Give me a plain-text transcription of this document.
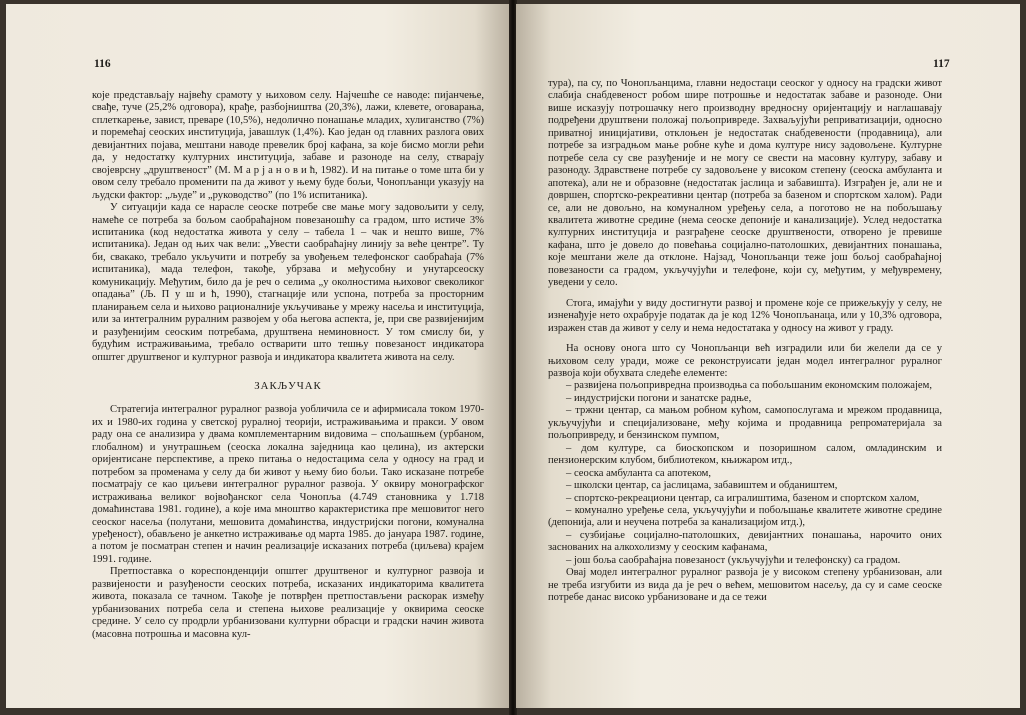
116

које представљају највећу срамоту у њиховом селу. Најчешће се наводе: пијанчење, свађе, туче (25,2% одговора), крађе, разбојништва (20,3%), лажи, клевете, оговарања, сплеткарење, завист, преваре (10,5%), недолично понашање младих, хулиганство (7%) и поремећај сеоских институција, јавашлук (1,4%). Као један од главних разлога ових девијантних појава, мештани наводе превелик број кафана, за које бисмо могли рећи да, у недостатку културних институција, забаве и разоноде на селу, стварају својеврсну „друштвеност” (М. М а р ј а н о в и ћ, 1982). И на питање о томе шта би у овом селу требало променити па да живот у њему буде бољи, Чонопљанци указују на људски фактор: „људе” и „руководство” (по 1% испитаника).

У ситуацији када се нарасле сеоске потребе све мање могу задовољити у селу, намеће се потреба за бољом саобраћајном повезаношћу са градом, што истиче 3% испитаника (код недостатка живота у селу – табела 1 – чак и нешто више, 7% испитаника). Један од њих чак вели: „Увести саобраћајну линију за веће центре”. Ту би, свакако, требало укључити и потребу за увођењем телефонског саобраћаја (7% испитаника), мада телефон, такође, убрзава и међусобну и унутарсеоску комуникацију. Међутим, било да је реч о селима „у околностима њиховог свеколиког опадања” (Љ. П у ш и ћ, 1990), стагнације или успона, потреба за просторним планирањем села и њихово рационалније укључивање у мрежу насеља и институција, или за интегралним руралним развојем у оба његова аспекта, је, при све развијенијим и разуђенијим сеоским потребама, друштвена неминовност. У том смислу би, у будућим истраживањима, требало остварити што тешњу повезаност индикатора општег друштвеног и културног развоја и индикатора квалитета живота на селу.

ЗАКЉУЧАК

Стратегија интегралног руралног развоја уобличила се и афирмисала током 1970-их и 1980-их година у светској руралној теорији, истраживањима и пракси. У овом раду она се анализира у двама комплементарним видовима – спољашњем (урбаном, глобалном) и унутрашњем (сеоска локална заједница као целина), из актерски оријентисане перспективе, а преко питања о недостацима села у односу на град и потребом за променама у селу да би живот у њему био бољи. Тако исказане потребе посматрају се као циљеви интегралног руралног развоја. У оквиру монографског истраживања великог војвођанског села Чонопља (4.749 становника у 1.718 домаћинстава 1981. године), а које има мноштво карактеристика пре мешовитог него сеоског насеља (полутани, мешовита домаћинства, индустријски погони, комунална уређеност), обављено је анкетно истраживање од марта 1985. до јануара 1987. године, а потом је посматран степен и начин реализације исказаних потреба (циљева) крајем 1991. године.

Претпоставка о кореспонденцији општег друштвеног и културног развоја и развијености и разуђености сеоских потреба, исказаних индикаторима квалитета живота, показала се тачном. Такође је потврђен претпостављени раскорак између урбанизованих потреба села и степена њихове реализације у оквирима сеоске средине. У село су продрли урбанизовани културни обрасци и градски начин живота (масовна потрошња и масовна кул-

117

тура), па су, по Чонопљанцима, главни недостаци сеоског у односу на градски живот слабија снабдевеност робом шире потрошње и недостатак забаве и разоноде. Они више исказују потрошачку него производну вредносну оријентацију и наглашавају подређени друштвени положај пољопривреде. Захваљујући реприватизацији, односно приватној иницијативи, отклоњен је недостатак снабдевености (продавница), али потребе за изградњом мање робне куће и дома културе нису задовољене. Културне потребе села су све разуђеније и не могу се свести на масовну културу, забаву и разоноду. Здравствене потребе су задовољене у високом степену (сеоска амбуланта и апотека), али не и образовне (недостатак јаслица и забавишта). Изграђен је, али не и довршен, спортско-рекреативни центар (потреба за базеном и спортском халом). Ради се, али не довољно, на комуналном уређењу села, а поготово не на побољшању квалитета животне средине (нема сеоске депоније и канализације). Услед недостатка културних институција и разграђене сеоске друштвености, отворено је превише кафана, што је довело до повећања социјално-патолошких, девијантних понашања, које мештани желе да отклоне. Најзад, Чонопљанци теже још бољој саобраћајној повезаности са градом, укључујући и телефоне, који су, међутим, у међувремену, уведени у село.

Стога, имајући у виду достигнути развој и промене које се прижељкују у селу, не изненађује нето охрабрује податак да је код 12% Чонопљанаца, или у 10,3% одговора, изражен став да живот у селу и нема недостатака у односу на живот у граду.

На основу онога што су Чонопљанци већ изградили или би желели да се у њиховом селу уради, може се реконструисати један модел интегралног руралног развоја који обухвата следеће елементе:

– развијена пољопривредна производња са побољшаним економским положајем,

– индустријски погони и занатске радње,

– тржни центар, са мањом робном кућом, самопослугама и мрежом продавница, укључујући и специјализоване, међу којима и продавница репроматеријала за пољопривреду, и бензинском пумпом,

– дом културе, са биоскопском и позоришном салом, омладинским и пензионерским клубом, библиотеком, књижаром итд.,

– сеоска амбуланта са апотеком,

– школски центар, са јаслицама, забавиштем и обдаништем,

– спортско-рекреациони центар, са игралиштима, базеном и спортском халом,

– комунално уређење села, укључујући и побољшање квалитете животне средине (депонија, али и неучена потреба за канализацијом итд.),

– сузбијање социјално-патолошких, девијантних понашања, нарочито оних заснованих на алкохолизму у сеоским кафанама,

– још боља саобраћајна повезаност (укључујући и телефонску) са градом.

Овај модел интегралног руралног развоја је у високом степену урбанизован, али не треба изгубити из вида да је реч о већем, мешовитом насељу, да су и саме сеоске потребе данас високо урбанизоване и да се тежи
